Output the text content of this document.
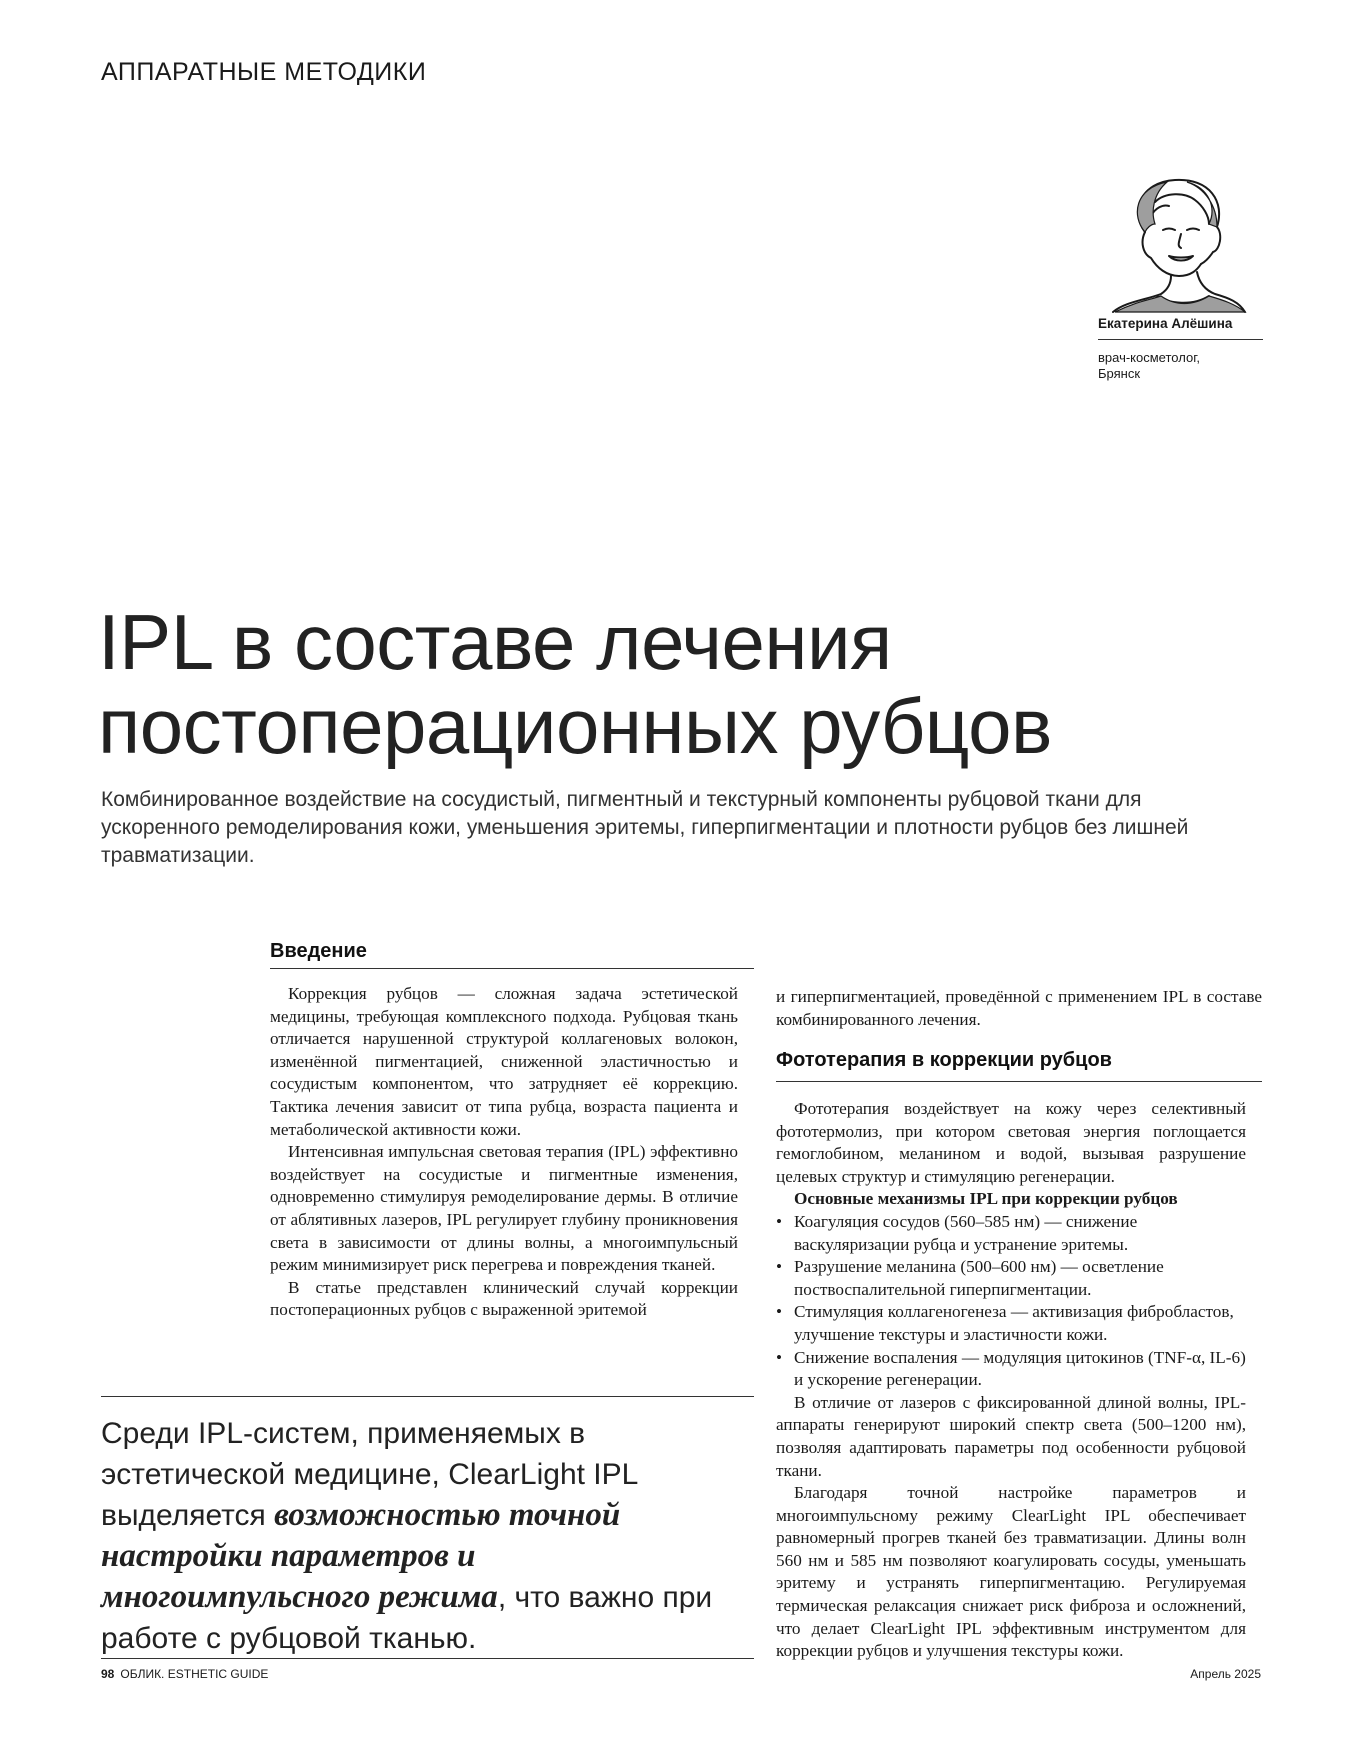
АППАРАТНЫЕ МЕТОДИКИ
Екатерина Алёшина
врач-косметолог,
Брянск
IPL в составе лечения
постоперационных рубцов

Комбинированное воздействие на сосудистый, пигментный и текстурный компоненты рубцовой ткани для ускоренного ремоделирования кожи, уменьшения эритемы, гиперпигментации и плотности рубцов без лишней травматизации.

Введение

Коррекция рубцов — сложная задача эстетической медицины, требующая комплексного подхода. Рубцовая ткань отличается нарушенной структурой коллагеновых волокон, изменённой пигментацией, сниженной эластичностью и сосудистым компонентом, что затрудняет её коррекцию. Тактика лечения зависит от типа рубца, возраста пациента и метаболической активности кожи.

Интенсивная импульсная световая терапия (IPL) эффективно воздействует на сосудистые и пигментные изменения, одновременно стимулируя ремоделирование дермы. В отличие от аблятивных лазеров, IPL регулирует глубину проникновения света в зависимости от длины волны, а многоимпульсный режим минимизирует риск перегрева и повреждения тканей.

В статье представлен клинический случай коррекции постоперационных рубцов с выраженной эритемой

и гиперпигментацией, проведённой с применением IPL в составе комбинированного лечения.

Фототерапия в коррекции рубцов

Фототерапия воздействует на кожу через селективный фототермолиз, при котором световая энергия поглощается гемоглобином, меланином и водой, вызывая разрушение целевых структур и стимуляцию регенерации.

Основные механизмы IPL при коррекции рубцов

• Коагуляция сосудов (560–585 нм) — снижение васкуляризации рубца и устранение эритемы.
• Разрушение меланина (500–600 нм) — осветление поствоспалительной гиперпигментации.
• Стимуляция коллагеногенеза — активизация фибробластов, улучшение текстуры и эластичности кожи.
• Снижение воспаления — модуляция цитокинов (TNF-α, IL-6) и ускорение регенерации.

В отличие от лазеров с фиксированной длиной волны, IPL-аппараты генерируют широкий спектр света (500–1200 нм), позволяя адаптировать параметры под особенности рубцовой ткани.

Благодаря точной настройке параметров и многоимпульсному режиму ClearLight IPL обеспечивает равномерный прогрев тканей без травматизации. Длины волн 560 нм и 585 нм позволяют коагулировать сосуды, уменьшать эритему и устранять гиперпигментацию. Регулируемая термическая релаксация снижает риск фиброза и осложнений, что делает ClearLight IPL эффективным инструментом для коррекции рубцов и улучшения текстуры кожи.

Среди IPL-систем, применяемых в эстетической медицине, ClearLight IPL выделяется возможностью точной настройки параметров и многоимпульсного режима, что важно при работе с рубцовой тканью.
98 ОБЛИК. ESTHETIC GUIDE	Апрель 2025
